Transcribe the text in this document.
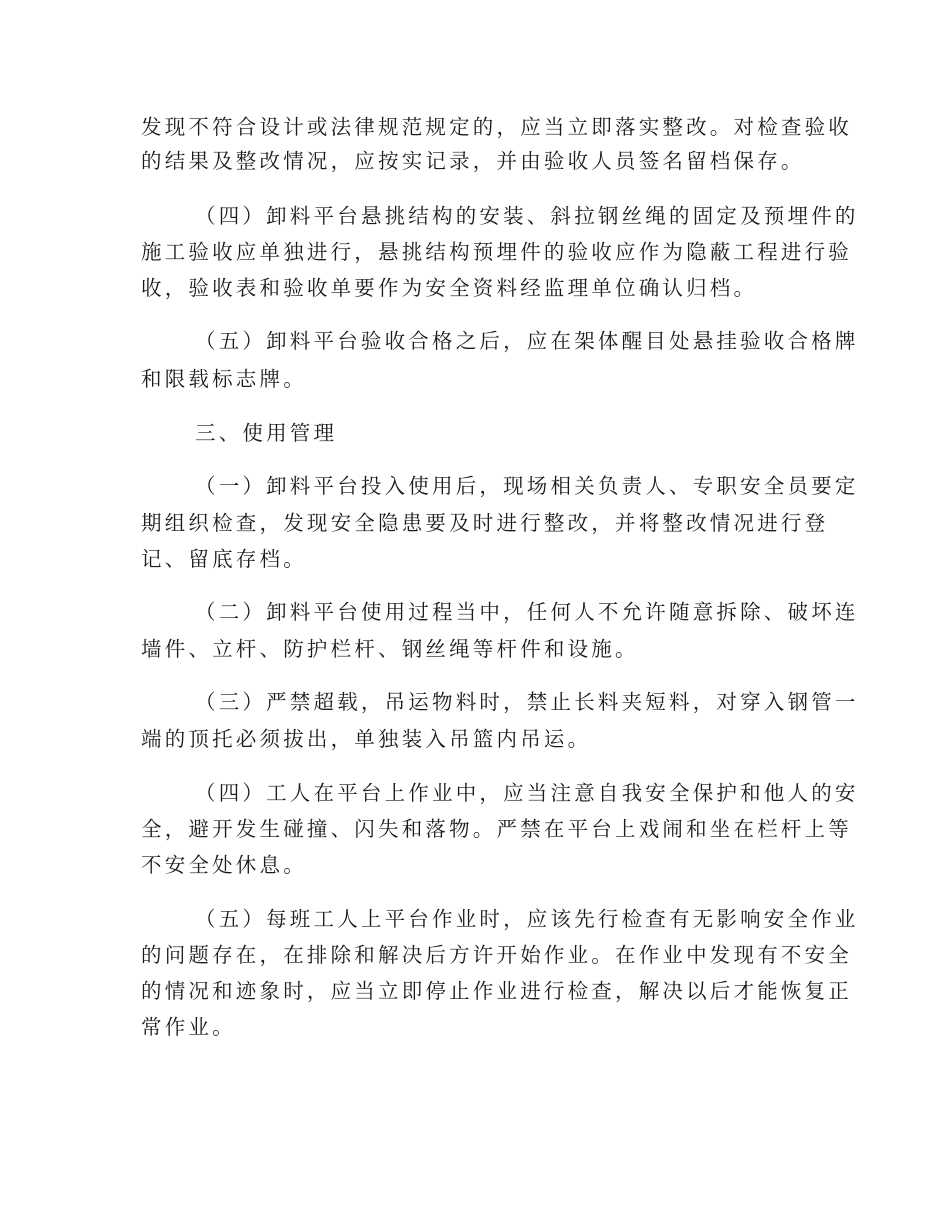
发现不符合设计或法律规范规定的，应当立即落实整改。对检查验收
的结果及整改情况，应按实记录，并由验收人员签名留档保存。
（四）卸料平台悬挑结构的安装、斜拉钢丝绳的固定及预埋件的
施工验收应单独进行，悬挑结构预埋件的验收应作为隐蔽工程进行验
收，验收表和验收单要作为安全资料经监理单位确认归档。
（五）卸料平台验收合格之后，应在架体醒目处悬挂验收合格牌
和限载标志牌。
三、使用管理
（一）卸料平台投入使用后，现场相关负责人、专职安全员要定
期组织检查，发现安全隐患要及时进行整改，并将整改情况进行登
记、留底存档。
（二）卸料平台使用过程当中，任何人不允许随意拆除、破坏连
墙件、立杆、防护栏杆、钢丝绳等杆件和设施。
（三）严禁超载，吊运物料时，禁止长料夹短料，对穿入钢管一
端的顶托必须拔出，单独装入吊篮内吊运。
（四）工人在平台上作业中，应当注意自我安全保护和他人的安
全，避开发生碰撞、闪失和落物。严禁在平台上戏闹和坐在栏杆上等
不安全处休息。
（五）每班工人上平台作业时，应该先行检查有无影响安全作业
的问题存在，在排除和解决后方许开始作业。在作业中发现有不安全
的情况和迹象时，应当立即停止作业进行检查，解决以后才能恢复正
常作业。
